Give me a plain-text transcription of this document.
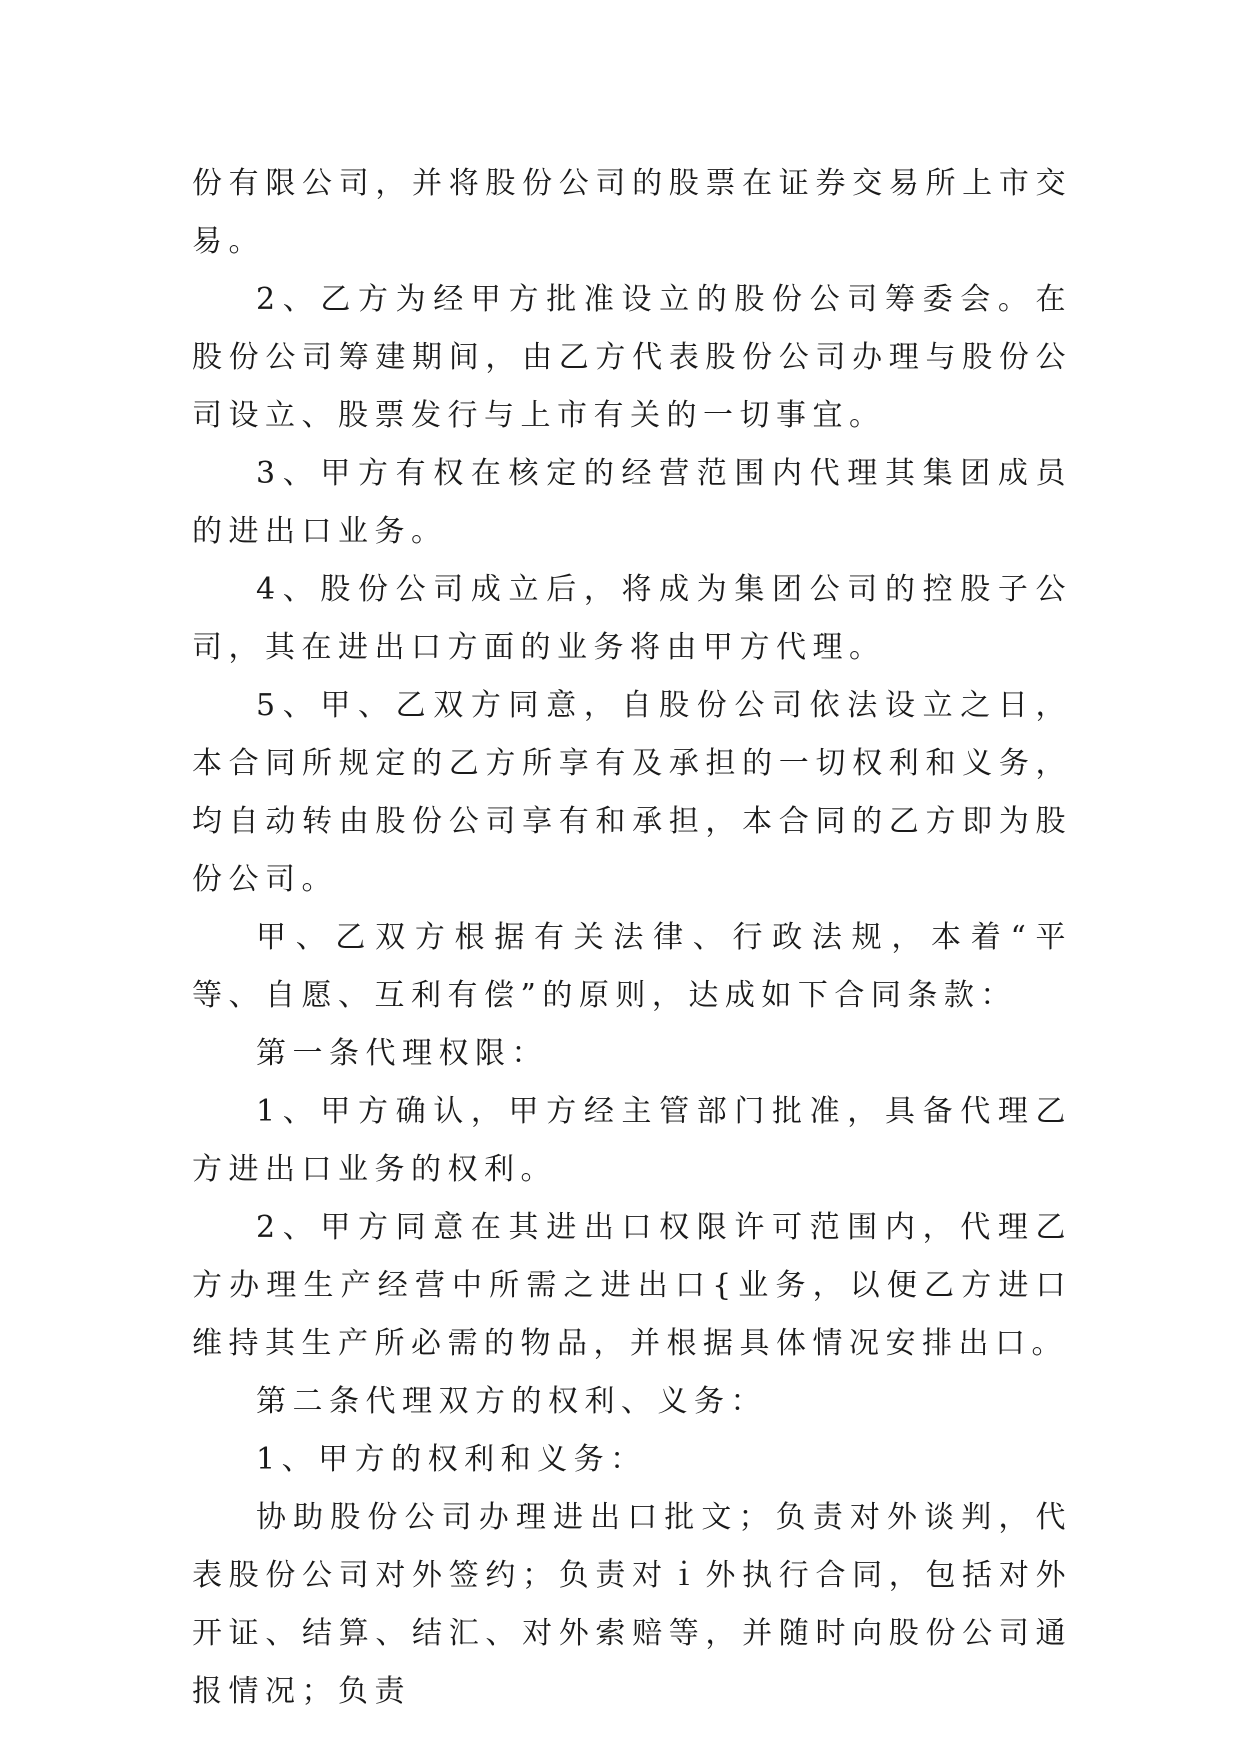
份有限公司，并将股份公司的股票在证券交易所上市交易。

2、乙方为经甲方批准设立的股份公司筹委会。在股份公司筹建期间，由乙方代表股份公司办理与股份公司设立、股票发行与上市有关的一切事宜。

3、甲方有权在核定的经营范围内代理其集团成员的进出口业务。

4、股份公司成立后，将成为集团公司的控股子公司，其在进出口方面的业务将由甲方代理。

5、甲、乙双方同意，自股份公司依法设立之日，本合同所规定的乙方所享有及承担的一切权利和义务，均自动转由股份公司享有和承担，本合同的乙方即为股份公司。

甲、乙双方根据有关法律、行政法规，本着“平等、自愿、互利有偿”的原则，达成如下合同条款：

第一条代理权限：

1、甲方确认，甲方经主管部门批准，具备代理乙方进出口业务的权利。

2、甲方同意在其进出口权限许可范围内，代理乙方办理生产经营中所需之进出口{业务，以便乙方进口维持其生产所必需的物品，并根据具体情况安排出口。

第二条代理双方的权利、义务：

1、甲方的权利和义务：

协助股份公司办理进出口批文；负责对外谈判，代表股份公司对外签约；负责对ｉ外执行合同，包括对外开证、结算、结汇、对外索赔等，并随时向股份公司通报情况；负责
